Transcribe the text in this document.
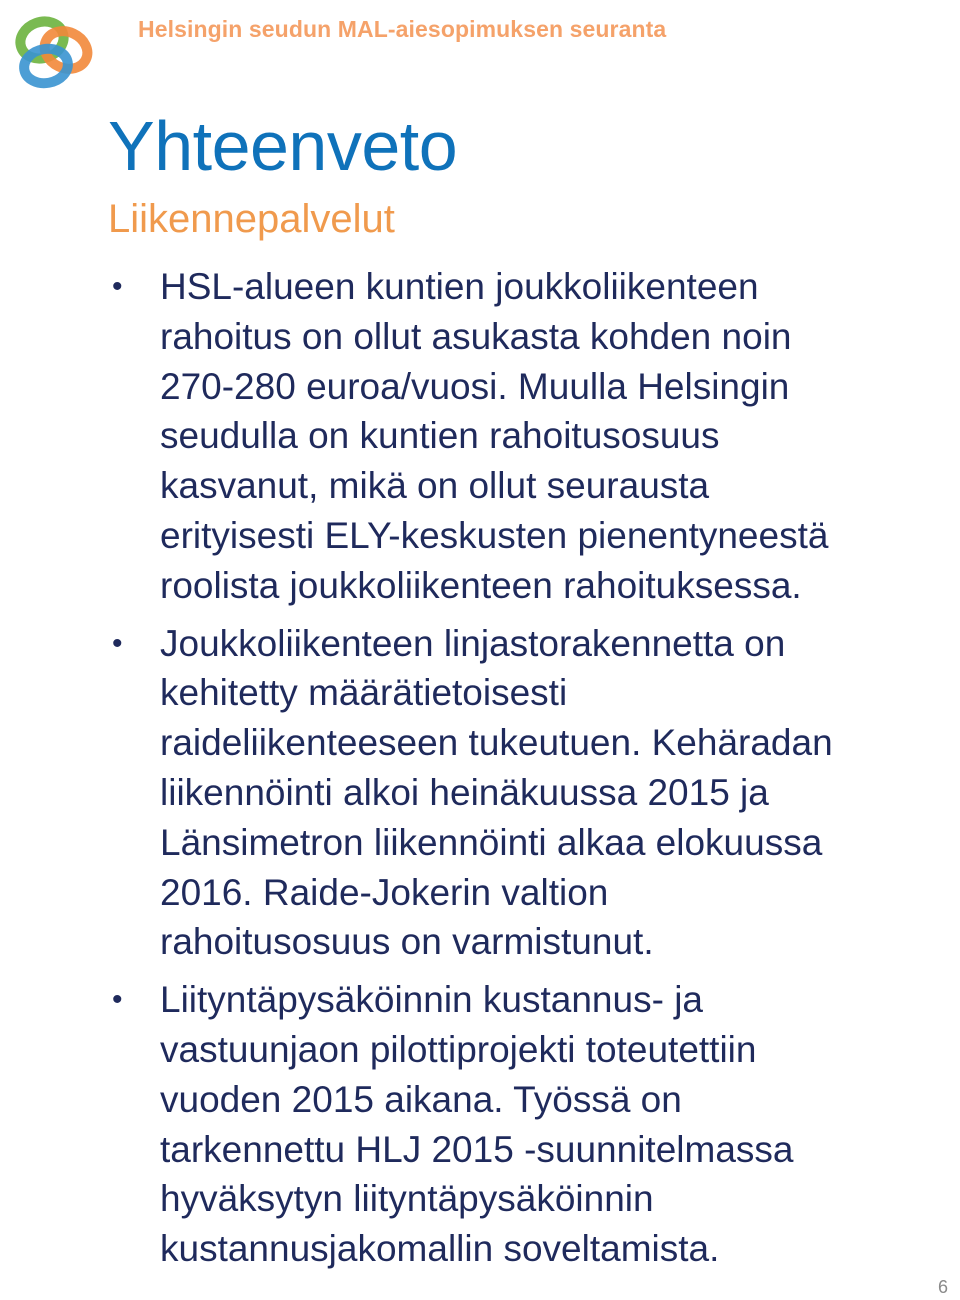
Helsingin seudun MAL-aiesopimuksen seuranta
Yhteenveto
Liikennepalvelut
• HSL-alueen kuntien joukkoliikenteen
rahoitus on ollut asukasta kohden noin
270-280 euroa/vuosi. Muulla Helsingin
seudulla on kuntien rahoitusosuus
kasvanut, mikä on ollut seurausta
erityisesti ELY-keskusten pienentyneestä
roolista joukkoliikenteen rahoituksessa.
• Joukkoliikenteen linjastorakennetta on
kehitetty määrätietoisesti
raideliikenteeseen tukeutuen. Kehäradan
liikennöinti alkoi heinäkuussa 2015 ja
Länsimetron liikennöinti alkaa elokuussa
2016. Raide-Jokerin valtion
rahoitusosuus on varmistunut.
• Liityntäpysäköinnin kustannus- ja
vastuunjaon pilottiprojekti toteutettiin
vuoden 2015 aikana. Työssä on
tarkennettu HLJ 2015 -suunnitelmassa
hyväksytyn liityntäpysäköinnin
kustannusjakomallin soveltamista.
6
